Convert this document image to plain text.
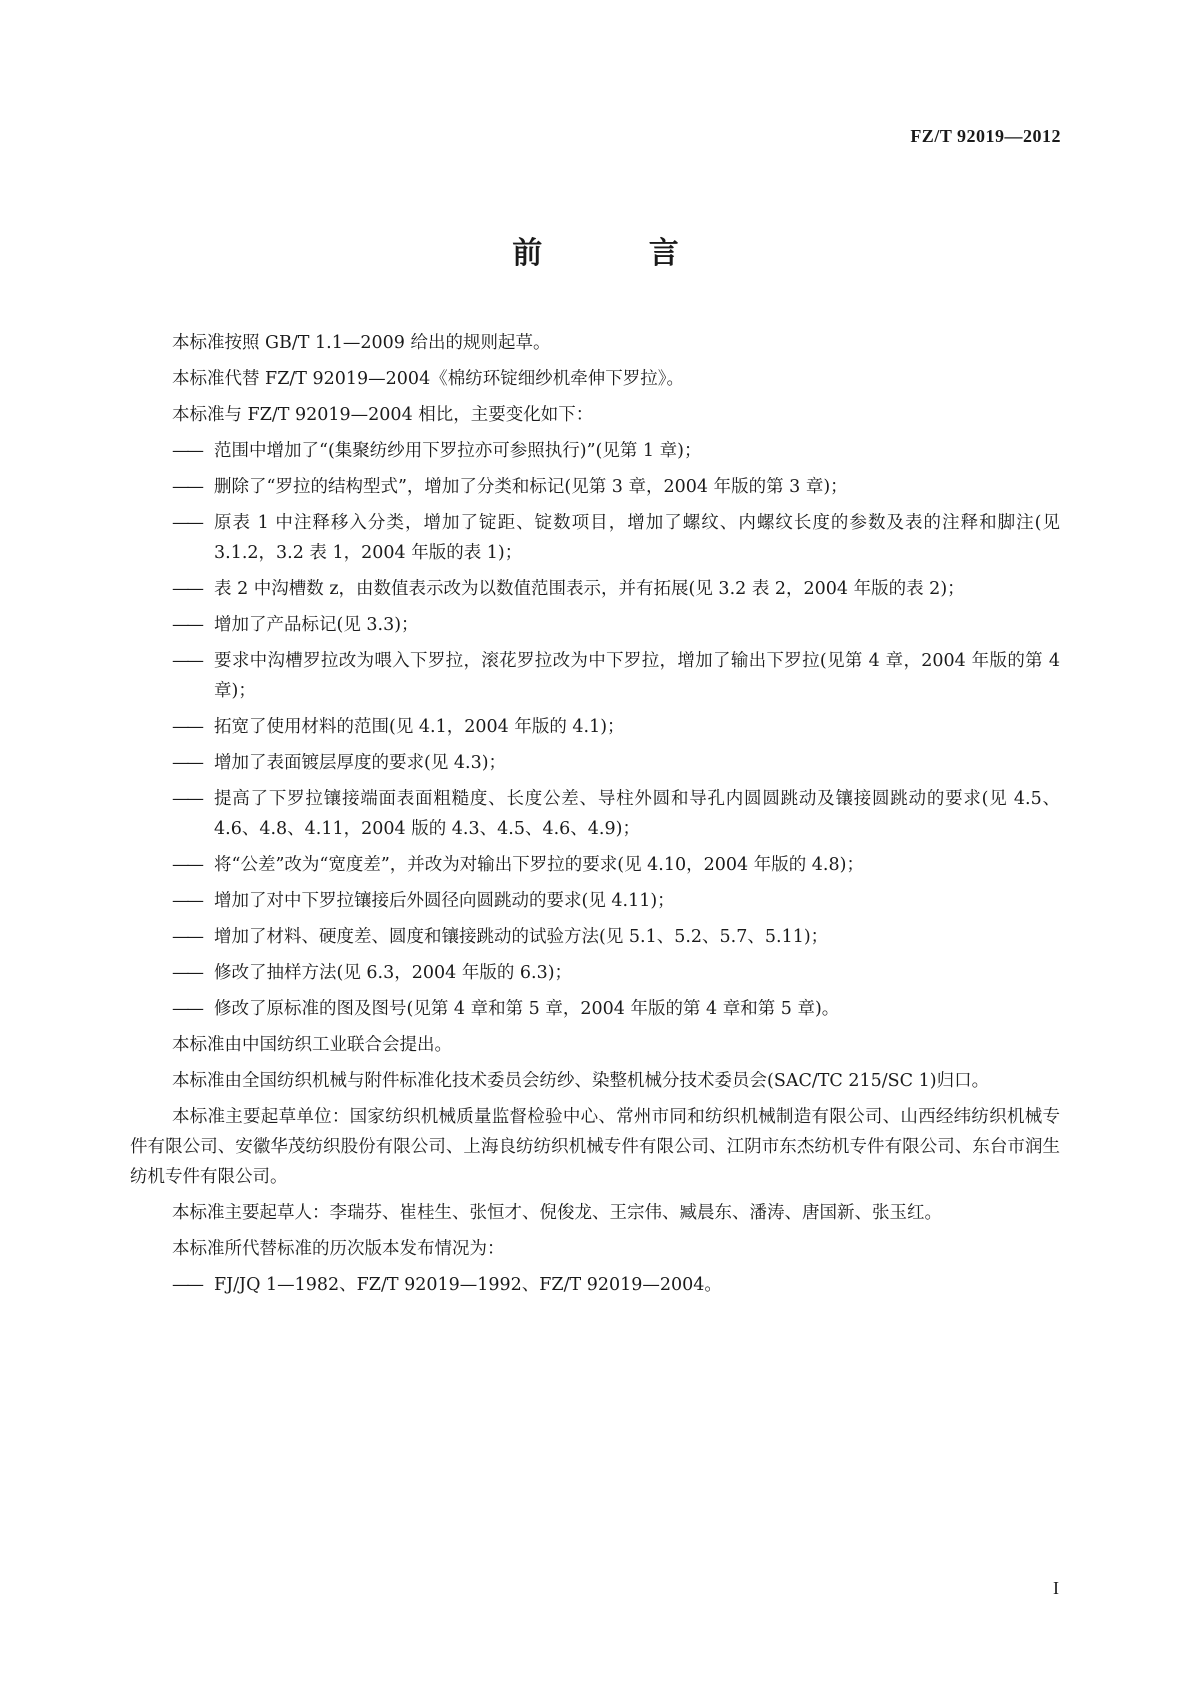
FZ/T 92019—2012
前 言

本标准按照 GB/T 1.1—2009 给出的规则起草。

本标准代替 FZ/T 92019—2004《棉纺环锭细纱机牵伸下罗拉》。

本标准与 FZ/T 92019—2004 相比，主要变化如下：

—— 范围中增加了“(集聚纺纱用下罗拉亦可参照执行)”(见第 1 章)；
—— 删除了“罗拉的结构型式”，增加了分类和标记(见第 3 章，2004 年版的第 3 章)；
—— 原表 1 中注释移入分类，增加了锭距、锭数项目，增加了螺纹、内螺纹长度的参数及表的注释和脚注(见 3.1.2，3.2 表 1，2004 年版的表 1)；
—— 表 2 中沟槽数 z，由数值表示改为以数值范围表示，并有拓展(见 3.2 表 2，2004 年版的表 2)；
—— 增加了产品标记(见 3.3)；
—— 要求中沟槽罗拉改为喂入下罗拉，滚花罗拉改为中下罗拉，增加了输出下罗拉(见第 4 章，2004 年版的第 4 章)；
—— 拓宽了使用材料的范围(见 4.1，2004 年版的 4.1)；
—— 增加了表面镀层厚度的要求(见 4.3)；
—— 提高了下罗拉镶接端面表面粗糙度、长度公差、导柱外圆和导孔内圆圆跳动及镶接圆跳动的要求(见 4.5、4.6、4.8、4.11，2004 版的 4.3、4.5、4.6、4.9)；
—— 将“公差”改为“宽度差”，并改为对输出下罗拉的要求(见 4.10，2004 年版的 4.8)；
—— 增加了对中下罗拉镶接后外圆径向圆跳动的要求(见 4.11)；
—— 增加了材料、硬度差、圆度和镶接跳动的试验方法(见 5.1、5.2、5.7、5.11)；
—— 修改了抽样方法(见 6.3，2004 年版的 6.3)；
—— 修改了原标准的图及图号(见第 4 章和第 5 章，2004 年版的第 4 章和第 5 章)。

本标准由中国纺织工业联合会提出。

本标准由全国纺织机械与附件标准化技术委员会纺纱、染整机械分技术委员会(SAC/TC 215/SC 1)归口。

本标准主要起草单位：国家纺织机械质量监督检验中心、常州市同和纺织机械制造有限公司、山西经纬纺织机械专件有限公司、安徽华茂纺织股份有限公司、上海良纺纺织机械专件有限公司、江阴市东杰纺机专件有限公司、东台市润生纺机专件有限公司。

本标准主要起草人：李瑞芬、崔桂生、张恒才、倪俊龙、王宗伟、臧晨东、潘涛、唐国新、张玉红。

本标准所代替标准的历次版本发布情况为：

—— FJ/JQ 1—1982、FZ/T 92019—1992、FZ/T 92019—2004。
I
